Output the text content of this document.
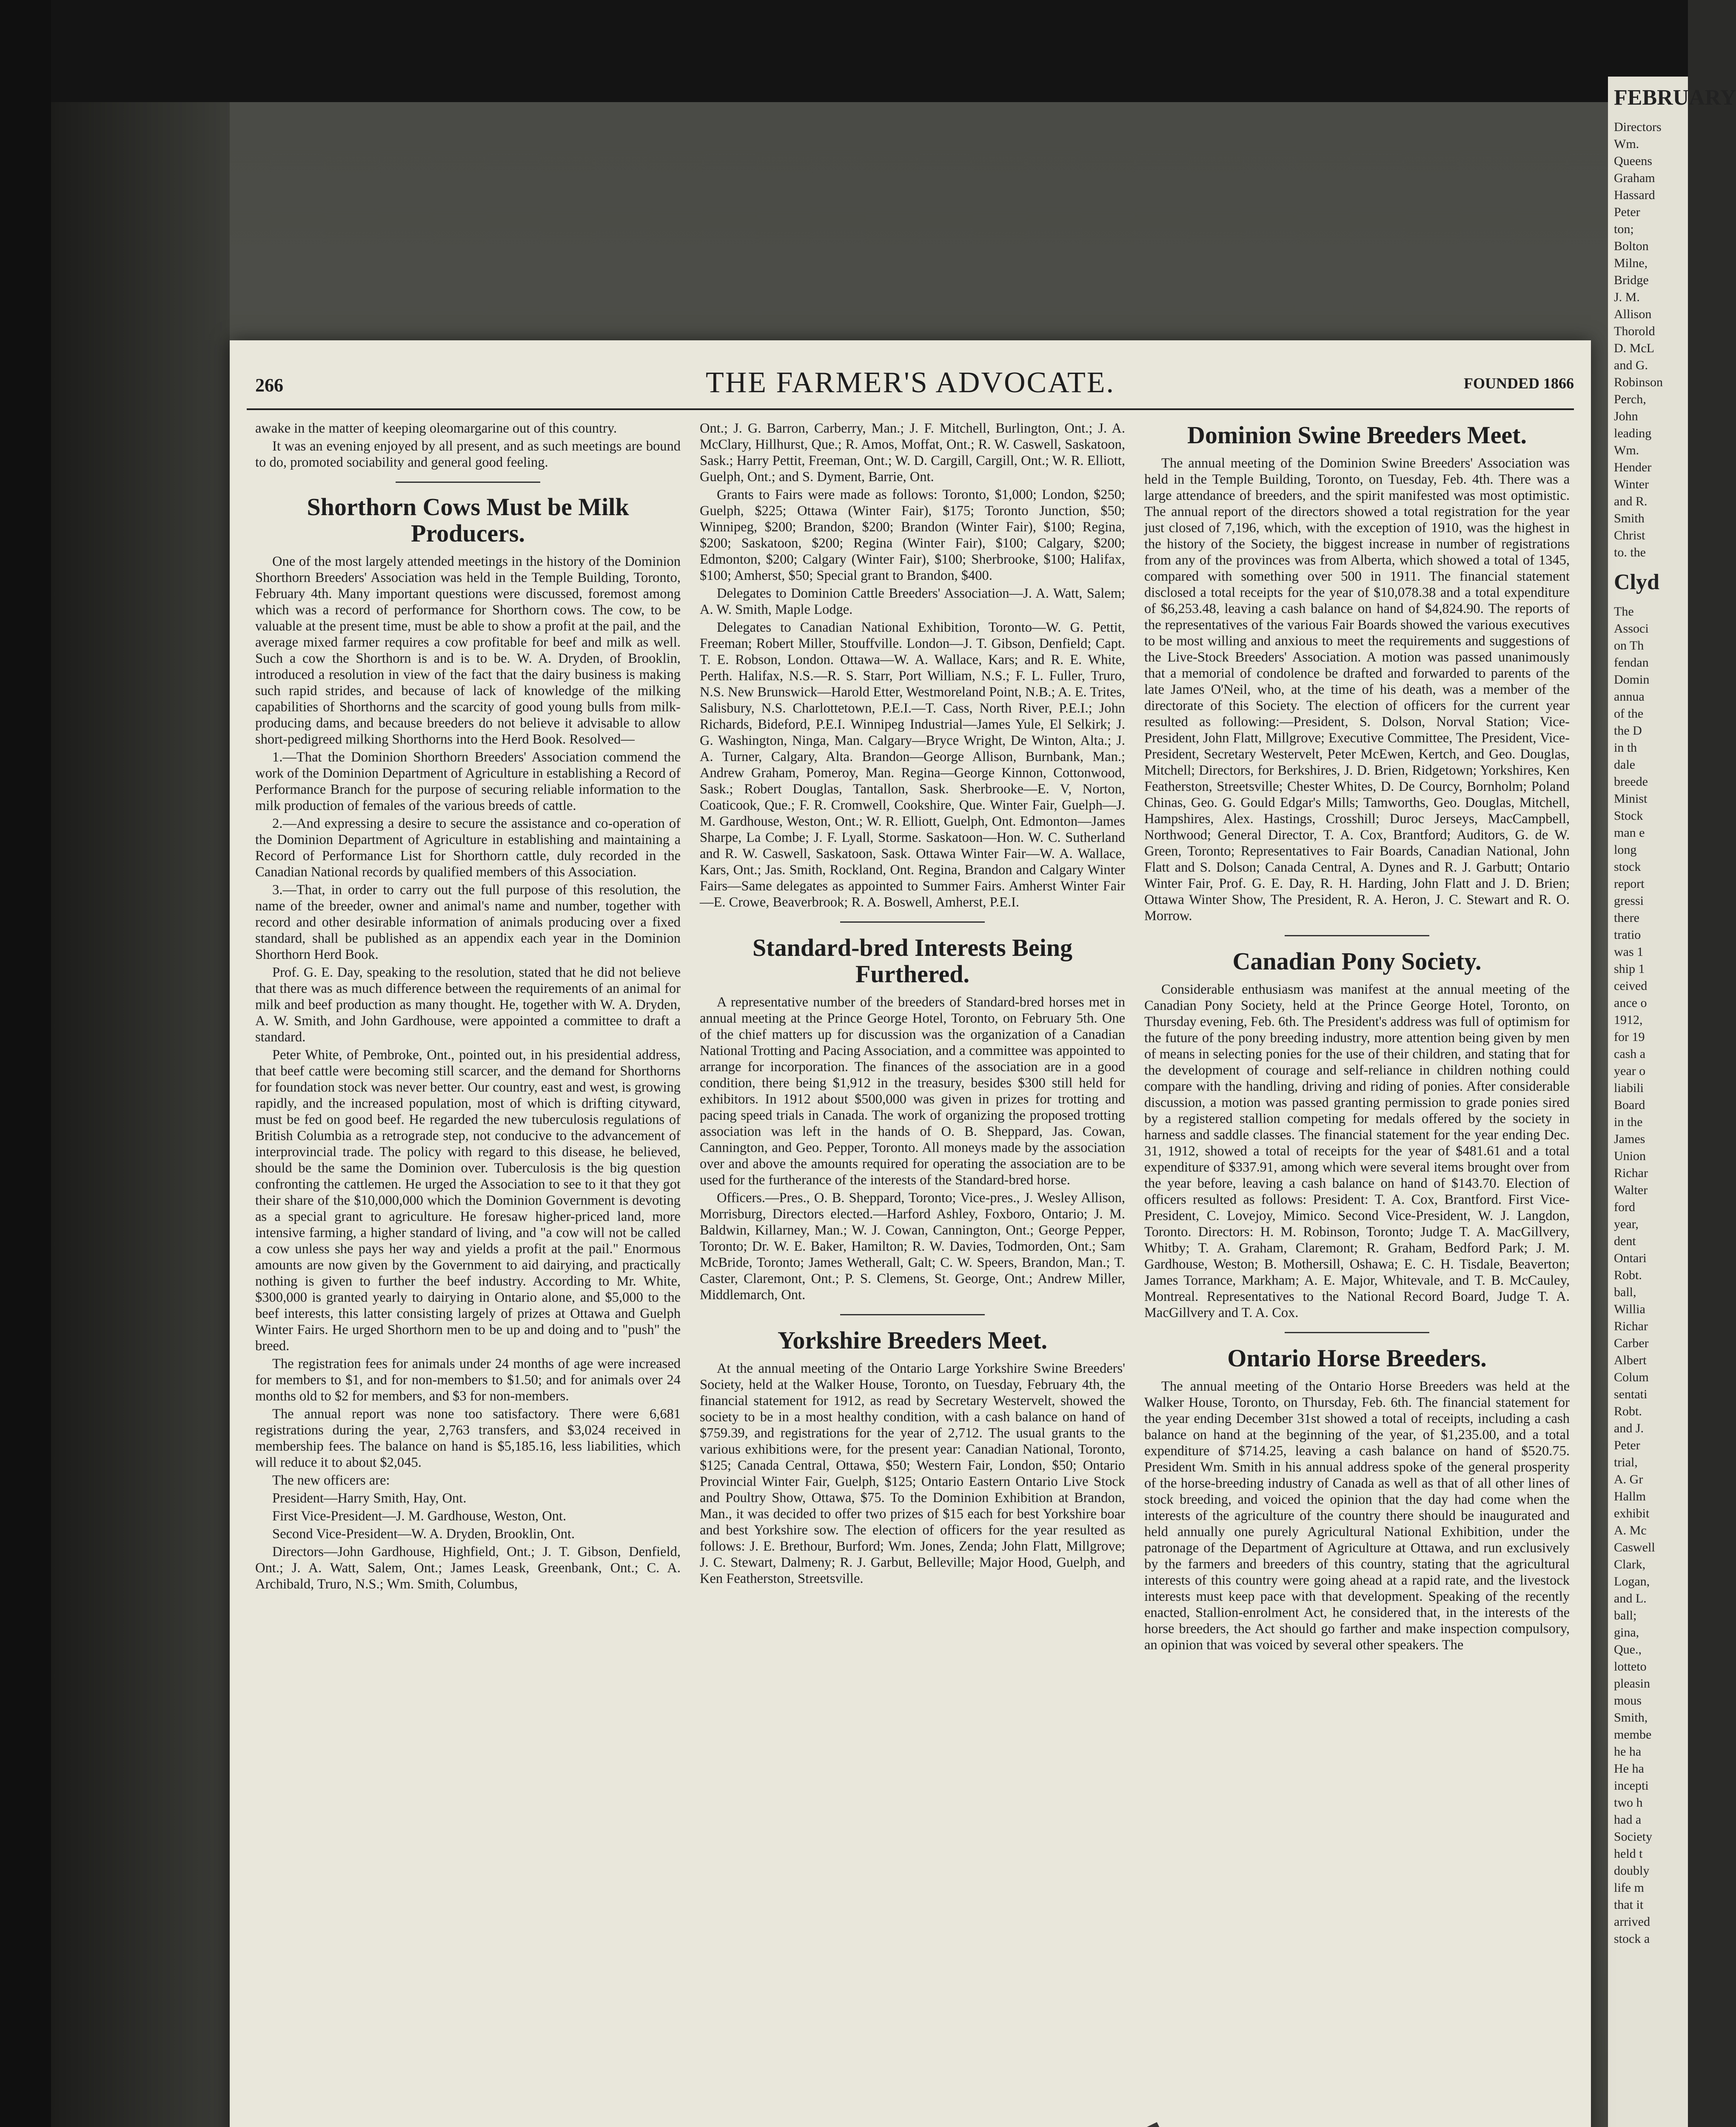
FEBRUARY
Directors
Wm.
Queens
Graham
Hassard
Peter
ton;
Bolton
Milne,
Bridge
J. M.
Allison
Thorold
D. McL
and G.
Robinson
Perch,
John
leading
Wm.
Hender
Winter
and R.
Smith
Christ
to. the
Clyd
The
Associ
on Th
fendan
Domin
annua
of the
the D
in th
dale
breede
Minist
Stock
man e
long
stock
report
gressi
there
tratio
was 1
ship 1
ceived
ance o
1912,
for 19
cash a
year o
liabili
Board
in the
James
Union
Richar
Walter
ford
year,
dent
Ontari
Robt.
ball,
Willia
Richar
Carber
Albert
Colum
sentati
Robt.
and J.
Peter
trial,
A. Gr
Hallm
exhibit
A. Mc
Caswell
Clark,
Logan,
and L.
ball;
gina,
Que.,
lotteto
pleasin
mous
Smith,
membe
he ha
He ha
incepti
two h
had a
Society
held t
doubly
life m
that it
arrived
stock a
266	THE FARMER'S ADVOCATE.	FOUNDED 1866

awake in the matter of keeping oleomargarine out of this country.

It was an evening enjoyed by all present, and as such meetings are bound to do, promoted sociability and general good feeling.

Shorthorn Cows Must be Milk Producers.

One of the most largely attended meetings in the history of the Dominion Shorthorn Breeders' Association was held in the Temple Building, Toronto, February 4th. Many important questions were discussed, foremost among which was a record of performance for Shorthorn cows. The cow, to be valuable at the present time, must be able to show a profit at the pail, and the average mixed farmer requires a cow profitable for beef and milk as well. Such a cow the Shorthorn is and is to be. W. A. Dryden, of Brooklin, introduced a resolution in view of the fact that the dairy business is making such rapid strides, and because of lack of knowledge of the milking capabilities of Shorthorns and the scarcity of good young bulls from milk-producing dams, and because breeders do not believe it advisable to allow short-pedigreed milking Shorthorns into the Herd Book. Resolved—

1.—That the Dominion Shorthorn Breeders' Association commend the work of the Dominion Department of Agriculture in establishing a Record of Performance Branch for the purpose of securing reliable information to the milk production of females of the various breeds of cattle.

2.—And expressing a desire to secure the assistance and co-operation of the Dominion Department of Agriculture in establishing and maintaining a Record of Performance List for Shorthorn cattle, duly recorded in the Canadian National records by qualified members of this Association.

3.—That, in order to carry out the full purpose of this resolution, the name of the breeder, owner and animal's name and number, together with record and other desirable information of animals producing over a fixed standard, shall be published as an appendix each year in the Dominion Shorthorn Herd Book.

Prof. G. E. Day, speaking to the resolution, stated that he did not believe that there was as much difference between the requirements of an animal for milk and beef production as many thought. He, together with W. A. Dryden, A. W. Smith, and John Gardhouse, were appointed a committee to draft a standard.

Peter White, of Pembroke, Ont., pointed out, in his presidential address, that beef cattle were becoming still scarcer, and the demand for Shorthorns for foundation stock was never better. Our country, east and west, is growing rapidly, and the increased population, most of which is drifting cityward, must be fed on good beef. He regarded the new tuberculosis regulations of British Columbia as a retrograde step, not conducive to the advancement of interprovincial trade. The policy with regard to this disease, he believed, should be the same the Dominion over. Tuberculosis is the big question confronting the cattlemen. He urged the Association to see to it that they got their share of the $10,000,000 which the Dominion Government is devoting as a special grant to agriculture. He foresaw higher-priced land, more intensive farming, a higher standard of living, and "a cow will not be called a cow unless she pays her way and yields a profit at the pail." Enormous amounts are now given by the Government to aid dairying, and practically nothing is given to further the beef industry. According to Mr. White, $300,000 is granted yearly to dairying in Ontario alone, and $5,000 to the beef interests, this latter consisting largely of prizes at Ottawa and Guelph Winter Fairs. He urged Shorthorn men to be up and doing and to "push" the breed.

The registration fees for animals under 24 months of age were increased for members to $1, and for non-members to $1.50; and for animals over 24 months old to $2 for members, and $3 for non-members.

The annual report was none too satisfactory. There were 6,681 registrations during the year, 2,763 transfers, and $3,024 received in membership fees. The balance on hand is $5,185.16, less liabilities, which will reduce it to about $2,045.

The new officers are:

President—Harry Smith, Hay, Ont.

First Vice-President—J. M. Gardhouse, Weston, Ont.

Second Vice-President—W. A. Dryden, Brooklin, Ont.

Directors—John Gardhouse, Highfield, Ont.; J. T. Gibson, Denfield, Ont.; J. A. Watt, Salem, Ont.; James Leask, Greenbank, Ont.; C. A. Archibald, Truro, N.S.; Wm. Smith, Columbus,

Ont.; J. G. Barron, Carberry, Man.; J. F. Mitchell, Burlington, Ont.; J. A. McClary, Hillhurst, Que.; R. Amos, Moffat, Ont.; R. W. Caswell, Saskatoon, Sask.; Harry Pettit, Freeman, Ont.; W. D. Cargill, Cargill, Ont.; W. R. Elliott, Guelph, Ont.; and S. Dyment, Barrie, Ont.

Grants to Fairs were made as follows: Toronto, $1,000; London, $250; Guelph, $225; Ottawa (Winter Fair), $175; Toronto Junction, $50; Winnipeg, $200; Brandon, $200; Brandon (Winter Fair), $100; Regina, $200; Saskatoon, $200; Regina (Winter Fair), $100; Calgary, $200; Edmonton, $200; Calgary (Winter Fair), $100; Sherbrooke, $100; Halifax, $100; Amherst, $50; Special grant to Brandon, $400.

Delegates to Dominion Cattle Breeders' Association—J. A. Watt, Salem; A. W. Smith, Maple Lodge.

Delegates to Canadian National Exhibition, Toronto—W. G. Pettit, Freeman; Robert Miller, Stouffville. London—J. T. Gibson, Denfield; Capt. T. E. Robson, London. Ottawa—W. A. Wallace, Kars; and R. E. White, Perth. Halifax, N.S.—R. S. Starr, Port William, N.S.; F. L. Fuller, Truro, N.S. New Brunswick—Harold Etter, Westmoreland Point, N.B.; A. E. Trites, Salisbury, N.S. Charlottetown, P.E.I.—T. Cass, North River, P.E.I.; John Richards, Bideford, P.E.I. Winnipeg Industrial—James Yule, El Selkirk; J. G. Washington, Ninga, Man. Calgary—Bryce Wright, De Winton, Alta.; J. A. Turner, Calgary, Alta. Brandon—George Allison, Burnbank, Man.; Andrew Graham, Pomeroy, Man. Regina—George Kinnon, Cottonwood, Sask.; Robert Douglas, Tantallon, Sask. Sherbrooke—E. V, Norton, Coaticook, Que.; F. R. Cromwell, Cookshire, Que. Winter Fair, Guelph—J. M. Gardhouse, Weston, Ont.; W. R. Elliott, Guelph, Ont. Edmonton—James Sharpe, La Combe; J. F. Lyall, Storme. Saskatoon—Hon. W. C. Sutherland and R. W. Caswell, Saskatoon, Sask. Ottawa Winter Fair—W. A. Wallace, Kars, Ont.; Jas. Smith, Rockland, Ont. Regina, Brandon and Calgary Winter Fairs—Same delegates as appointed to Summer Fairs. Amherst Winter Fair—E. Crowe, Beaverbrook; R. A. Boswell, Amherst, P.E.I.

Standard-bred Interests Being Furthered.

A representative number of the breeders of Standard-bred horses met in annual meeting at the Prince George Hotel, Toronto, on February 5th. One of the chief matters up for discussion was the organization of a Canadian National Trotting and Pacing Association, and a committee was appointed to arrange for incorporation. The finances of the association are in a good condition, there being $1,912 in the treasury, besides $300 still held for exhibitors. In 1912 about $500,000 was given in prizes for trotting and pacing speed trials in Canada. The work of organizing the proposed trotting association was left in the hands of O. B. Sheppard, Jas. Cowan, Cannington, and Geo. Pepper, Toronto. All moneys made by the association over and above the amounts required for operating the association are to be used for the furtherance of the interests of the Standard-bred horse.

Officers.—Pres., O. B. Sheppard, Toronto; Vice-pres., J. Wesley Allison, Morrisburg, Directors elected.—Harford Ashley, Foxboro, Ontario; J. M. Baldwin, Killarney, Man.; W. J. Cowan, Cannington, Ont.; George Pepper, Toronto; Dr. W. E. Baker, Hamilton; R. W. Davies, Todmorden, Ont.; Sam McBride, Toronto; James Wetherall, Galt; C. W. Speers, Brandon, Man.; T. Caster, Claremont, Ont.; P. S. Clemens, St. George, Ont.; Andrew Miller, Middlemarch, Ont.

Yorkshire Breeders Meet.

At the annual meeting of the Ontario Large Yorkshire Swine Breeders' Society, held at the Walker House, Toronto, on Tuesday, February 4th, the financial statement for 1912, as read by Secretary Westervelt, showed the society to be in a most healthy condition, with a cash balance on hand of $759.39, and registrations for the year of 2,712. The usual grants to the various exhibitions were, for the present year: Canadian National, Toronto, $125; Canada Central, Ottawa, $50; Western Fair, London, $50; Ontario Provincial Winter Fair, Guelph, $125; Ontario Eastern Ontario Live Stock and Poultry Show, Ottawa, $75. To the Dominion Exhibition at Brandon, Man., it was decided to offer two prizes of $15 each for best Yorkshire boar and best Yorkshire sow. The election of officers for the year resulted as follows: J. E. Brethour, Burford; Wm. Jones, Zenda; John Flatt, Millgrove; J. C. Stewart, Dalmeny; R. J. Garbut, Belleville; Major Hood, Guelph, and Ken Featherston, Streetsville.

Dominion Swine Breeders Meet.

The annual meeting of the Dominion Swine Breeders' Association was held in the Temple Building, Toronto, on Tuesday, Feb. 4th. There was a large attendance of breeders, and the spirit manifested was most optimistic. The annual report of the directors showed a total registration for the year just closed of 7,196, which, with the exception of 1910, was the highest in the history of the Society, the biggest increase in number of registrations from any of the provinces was from Alberta, which showed a total of 1345, compared with something over 500 in 1911. The financial statement disclosed a total receipts for the year of $10,078.38 and a total expenditure of $6,253.48, leaving a cash balance on hand of $4,824.90. The reports of the representatives of the various Fair Boards showed the various executives to be most willing and anxious to meet the requirements and suggestions of the Live-Stock Breeders' Association. A motion was passed unanimously that a memorial of condolence be drafted and forwarded to parents of the late James O'Neil, who, at the time of his death, was a member of the directorate of this Society. The election of officers for the current year resulted as following:—President, S. Dolson, Norval Station; Vice-President, John Flatt, Millgrove; Executive Committee, The President, Vice-President, Secretary Westervelt, Peter McEwen, Kertch, and Geo. Douglas, Mitchell; Directors, for Berkshires, J. D. Brien, Ridgetown; Yorkshires, Ken Featherston, Streetsville; Chester Whites, D. De Courcy, Bornholm; Poland Chinas, Geo. G. Gould Edgar's Mills; Tamworths, Geo. Douglas, Mitchell, Hampshires, Alex. Hastings, Crosshill; Duroc Jerseys, MacCampbell, Northwood; General Director, T. A. Cox, Brantford; Auditors, G. de W. Green, Toronto; Representatives to Fair Boards, Canadian National, John Flatt and S. Dolson; Canada Central, A. Dynes and R. J. Garbutt; Ontario Winter Fair, Prof. G. E. Day, R. H. Harding, John Flatt and J. D. Brien; Ottawa Winter Show, The President, R. A. Heron, J. C. Stewart and R. O. Morrow.

Canadian Pony Society.

Considerable enthusiasm was manifest at the annual meeting of the Canadian Pony Society, held at the Prince George Hotel, Toronto, on Thursday evening, Feb. 6th. The President's address was full of optimism for the future of the pony breeding industry, more attention being given by men of means in selecting ponies for the use of their children, and stating that for the development of courage and self-reliance in children nothing could compare with the handling, driving and riding of ponies. After considerable discussion, a motion was passed granting permission to grade ponies sired by a registered stallion competing for medals offered by the society in harness and saddle classes. The financial statement for the year ending Dec. 31, 1912, showed a total of receipts for the year of $481.61 and a total expenditure of $337.91, among which were several items brought over from the year before, leaving a cash balance on hand of $143.70. Election of officers resulted as follows: President: T. A. Cox, Brantford. First Vice-President, C. Lovejoy, Mimico. Second Vice-President, W. J. Langdon, Toronto. Directors: H. M. Robinson, Toronto; Judge T. A. MacGillvery, Whitby; T. A. Graham, Claremont; R. Graham, Bedford Park; J. M. Gardhouse, Weston; B. Mothersill, Oshawa; E. C. H. Tisdale, Beaverton; James Torrance, Markham; A. E. Major, Whitevale, and T. B. McCauley, Montreal. Representatives to the National Record Board, Judge T. A. MacGillvery and T. A. Cox.

Ontario Horse Breeders.

The annual meeting of the Ontario Horse Breeders was held at the Walker House, Toronto, on Thursday, Feb. 6th. The financial statement for the year ending December 31st showed a total of receipts, including a cash balance on hand at the beginning of the year, of $1,235.00, and a total expenditure of $714.25, leaving a cash balance on hand of $520.75. President Wm. Smith in his annual address spoke of the general prosperity of the horse-breeding industry of Canada as well as that of all other lines of stock breeding, and voiced the opinion that the day had come when the interests of the agriculture of the country there should be inaugurated and held annually one purely Agricultural National Exhibition, under the patronage of the Department of Agriculture at Ottawa, and run exclusively by the farmers and breeders of this country, stating that the agricultural interests of this country were going ahead at a rapid rate, and the livestock interests must keep pace with that development. Speaking of the recently enacted, Stallion-enrolment Act, he considered that, in the interests of the horse breeders, the Act should go farther and make inspection compulsory, an opinion that was voiced by several other speakers. The
